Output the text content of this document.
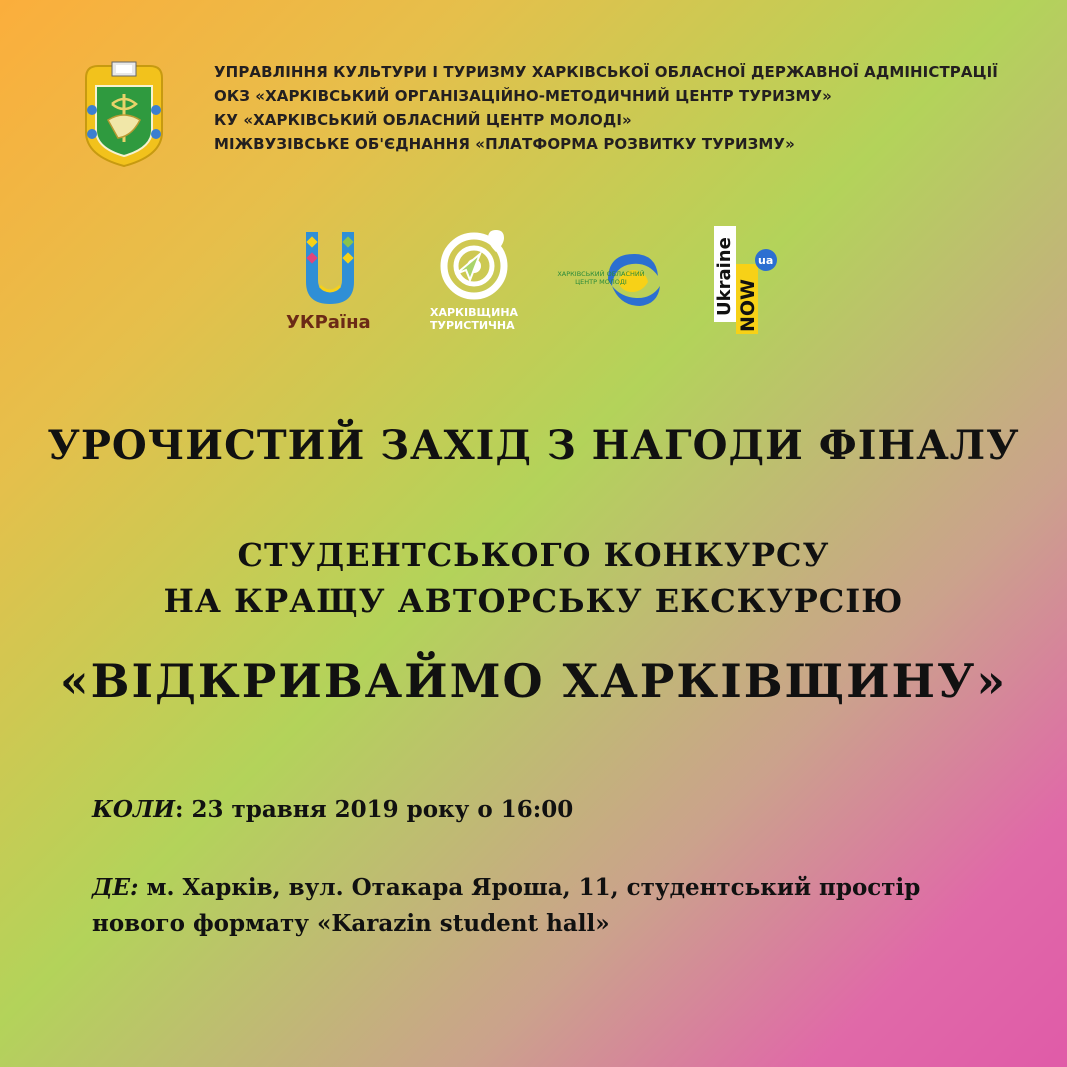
УПРАВЛІННЯ КУЛЬТУРИ І ТУРИЗМУ ХАРКІВСЬКОЇ ОБЛАСНОЇ ДЕРЖАВНОЇ АДМІНІСТРАЦІЇ
ОКЗ «ХАРКІВСЬКИЙ ОРГАНІЗАЦІЙНО-МЕТОДИЧНИЙ ЦЕНТР ТУРИЗМУ»
КУ «ХАРКІВСЬКИЙ ОБЛАСНИЙ ЦЕНТР МОЛОДІ»
МІЖВУЗІВСЬКЕ ОБ'ЄДНАННЯ «ПЛАТФОРМА РОЗВИТКУ ТУРИЗМУ»
УКРаїна	ХАРКІВЩИНА
ТУРИСТИЧНА
ХАРКІВСЬКИЙ ОБЛАСНИЙ
ЦЕНТР МОЛОДІ	Ukraine NOW
ua
УРОЧИСТИЙ ЗАХІД З НАГОДИ ФІНАЛУ
СТУДЕНТСЬКОГО КОНКУРСУ
НА КРАЩУ АВТОРСЬКУ ЕКСКУРСІЮ
«ВІДКРИВАЙМО ХАРКІВЩИНУ»
КОЛИ: 23 травня 2019 року о 16:00
ДЕ: м. Харків, вул. Отакара Яроша, 11, студентський простір
нового формату «Karazin student hall»
